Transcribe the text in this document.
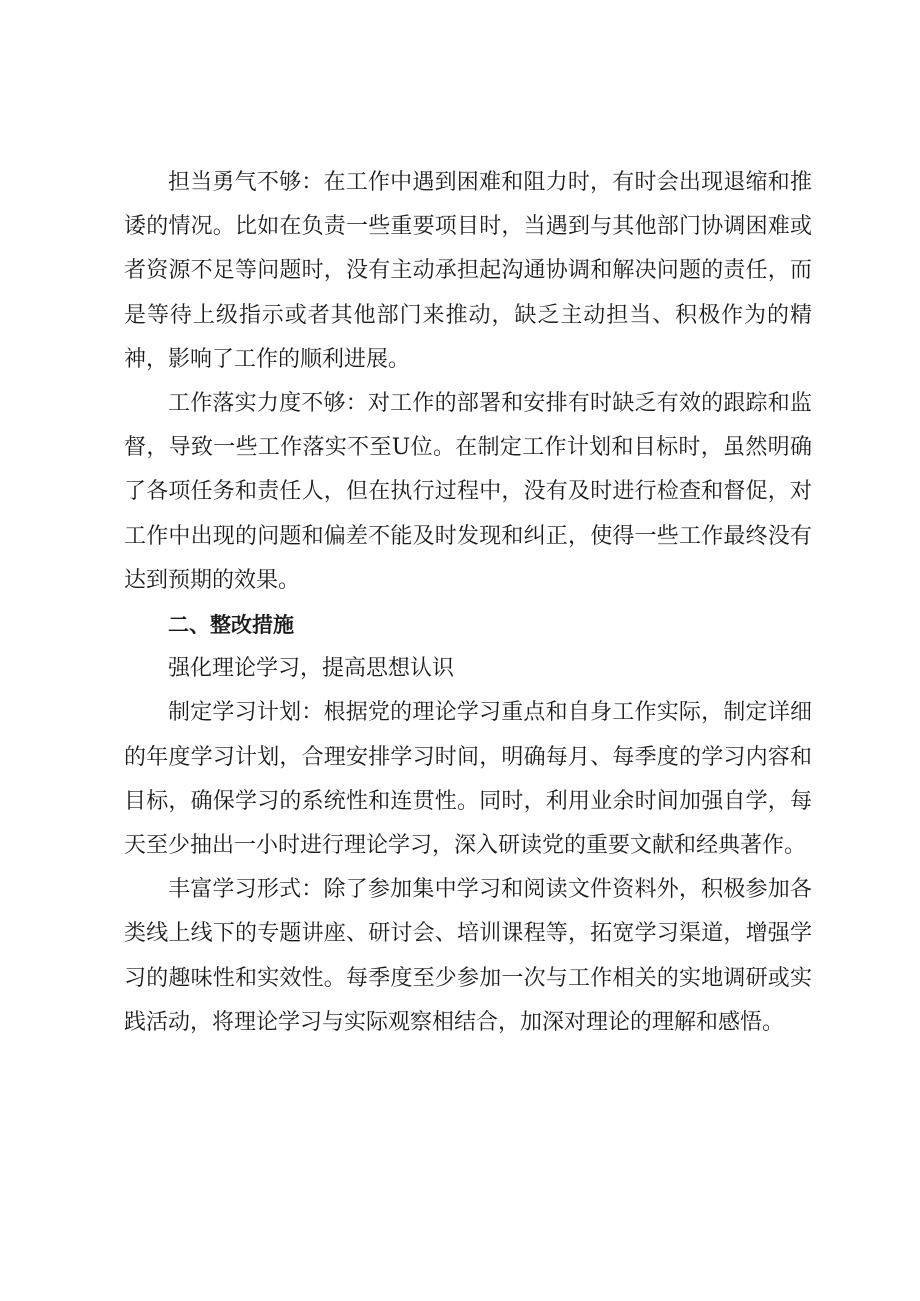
担当勇气不够：在工作中遇到困难和阻力时，有时会出现退缩和推诿的情况。比如在负责一些重要项目时，当遇到与其他部门协调困难或者资源不足等问题时，没有主动承担起沟通协调和解决问题的责任，而是等待上级指示或者其他部门来推动，缺乏主动担当、积极作为的精神，影响了工作的顺利进展。

工作落实力度不够：对工作的部署和安排有时缺乏有效的跟踪和监督，导致一些工作落实不至U位。在制定工作计划和目标时，虽然明确了各项任务和责任人，但在执行过程中，没有及时进行检查和督促，对工作中出现的问题和偏差不能及时发现和纠正，使得一些工作最终没有达到预期的效果。

二、整改措施

强化理论学习，提高思想认识

制定学习计划：根据党的理论学习重点和自身工作实际，制定详细的年度学习计划，合理安排学习时间，明确每月、每季度的学习内容和目标，确保学习的系统性和连贯性。同时，利用业余时间加强自学，每天至少抽出一小时进行理论学习，深入研读党的重要文献和经典著作。

丰富学习形式：除了参加集中学习和阅读文件资料外，积极参加各类线上线下的专题讲座、研讨会、培训课程等，拓宽学习渠道，增强学习的趣味性和实效性。每季度至少参加一次与工作相关的实地调研或实践活动，将理论学习与实际观察相结合，加深对理论的理解和感悟。
